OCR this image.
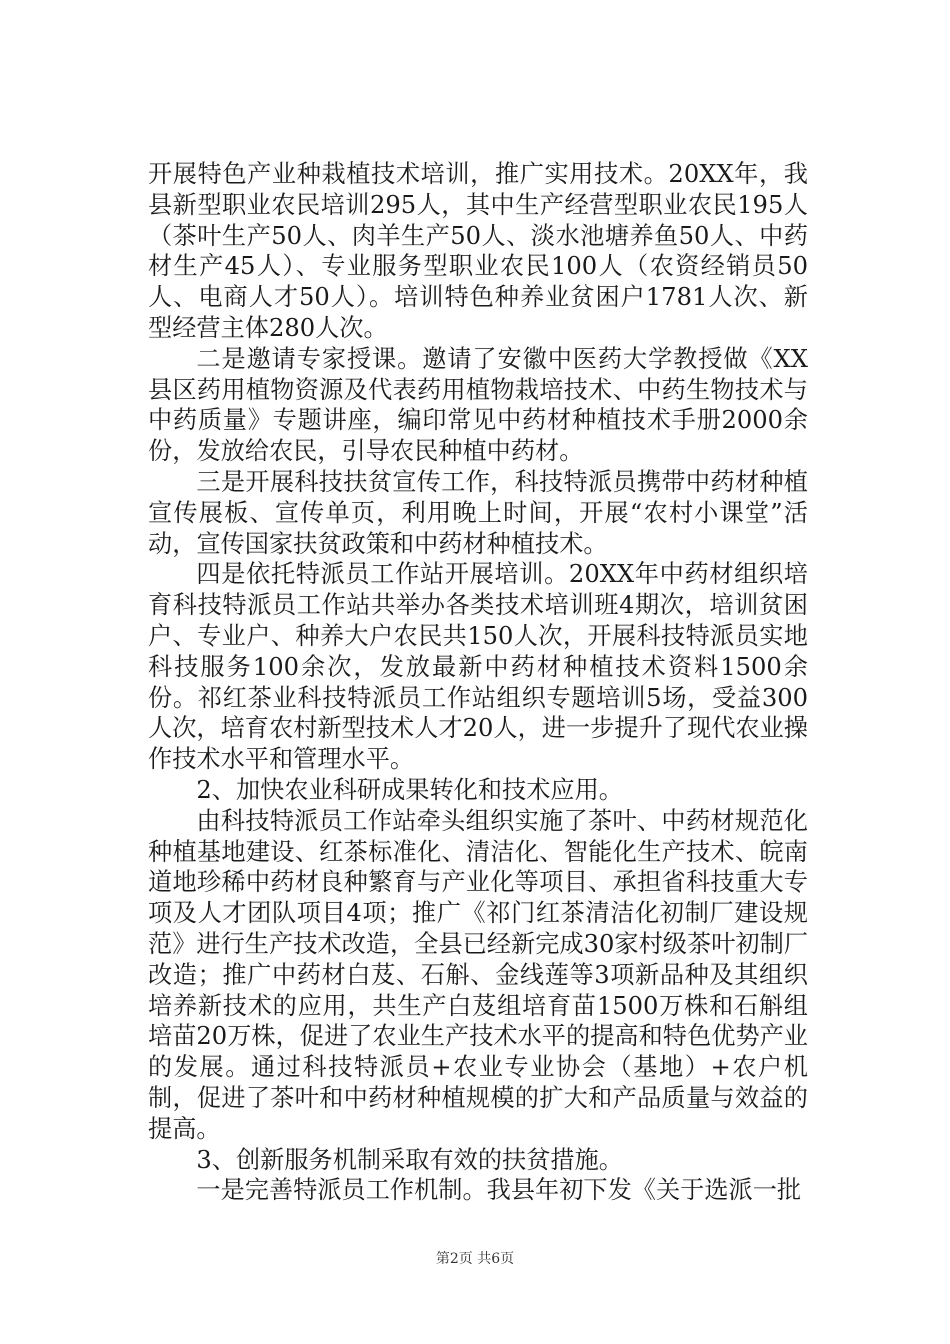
开展特色产业种栽植技术培训，推广实用技术。20XX年，我县新型职业农民培训295人，其中生产经营型职业农民195人（茶叶生产50人、肉羊生产50人、淡水池塘养鱼50人、中药材生产45人）、专业服务型职业农民100人（农资经销员50人、电商人才50人）。培训特色种养业贫困户1781人次、新型经营主体280人次。

二是邀请专家授课。邀请了安徽中医药大学教授做《XX县区药用植物资源及代表药用植物栽培技术、中药生物技术与中药质量》专题讲座，编印常见中药材种植技术手册2000余份，发放给农民，引导农民种植中药材。

三是开展科技扶贫宣传工作，科技特派员携带中药材种植宣传展板、宣传单页，利用晚上时间，开展“农村小课堂”活动，宣传国家扶贫政策和中药材种植技术。

四是依托特派员工作站开展培训。20XX年中药材组织培育科技特派员工作站共举办各类技术培训班4期次，培训贫困户、专业户、种养大户农民共150人次，开展科技特派员实地科技服务100余次，发放最新中药材种植技术资料1500余份。祁红茶业科技特派员工作站组织专题培训5场，受益300人次，培育农村新型技术人才20人，进一步提升了现代农业操作技术水平和管理水平。

2、加快农业科研成果转化和技术应用。

由科技特派员工作站牵头组织实施了茶叶、中药材规范化种植基地建设、红茶标准化、清洁化、智能化生产技术、皖南道地珍稀中药材良种繁育与产业化等项目、承担省科技重大专项及人才团队项目4项；推广《祁门红茶清洁化初制厂建设规范》进行生产技术改造，全县已经新完成30家村级茶叶初制厂改造；推广中药材白芨、石斛、金线莲等3项新品种及其组织培养新技术的应用，共生产白芨组培育苗1500万株和石斛组培苗20万株，促进了农业生产技术水平的提高和特色优势产业的发展。通过科技特派员+农业专业协会（基地）+农户机制，促进了茶叶和中药材种植规模的扩大和产品质量与效益的提高。

3、创新服务机制采取有效的扶贫措施。

一是完善特派员工作机制。我县年初下发《关于选派一批

第2页 共6页
